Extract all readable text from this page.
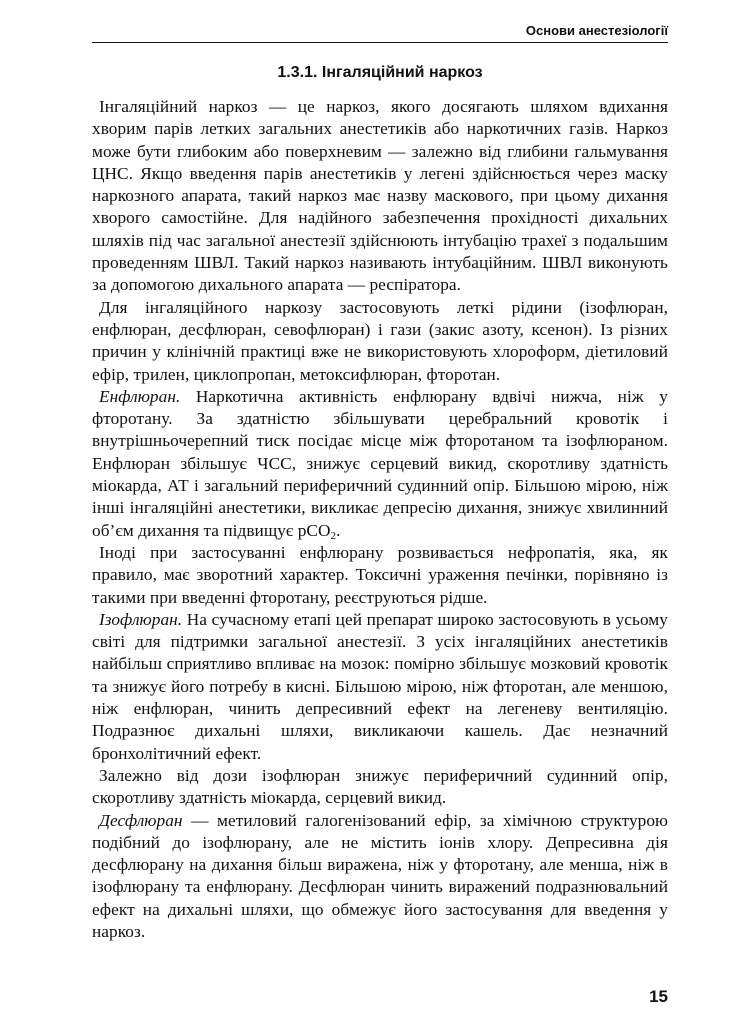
Основи анестезіології
1.3.1. Інгаляційний наркоз

Інгаляційний наркоз — це наркоз, якого досягають шляхом вдихання хворим парів летких загальних анестетиків або наркотичних газів. Наркоз може бути глибоким або поверхневим — залежно від глибини гальмування ЦНС. Якщо введення парів анестетиків у легені здійснюється через маску наркозного апарата, такий наркоз має назву маскового, при цьому дихання хворого самостійне. Для надійного забезпечення прохідності дихальних шляхів під час загальної анестезії здійснюють інтубацію трахеї з подальшим проведенням ШВЛ. Такий наркоз називають інтубаційним. ШВЛ виконують за допомогою дихального апарата — респіратора.

Для інгаляційного наркозу застосовують леткі рідини (ізофлюран, енфлюран, десфлюран, севофлюран) і гази (закис азоту, ксенон). Із різних причин у клінічній практиці вже не використовують хлороформ, діетиловий ефір, трилен, циклопропан, метоксифлюран, фторотан.

Енфлюран. Наркотична активність енфлюрану вдвічі нижча, ніж у фторотану. За здатністю збільшувати церебральний кровотік і внутрішньочерепний тиск посідає місце між фторотаном та ізофлюраном. Енфлюран збільшує ЧСС, знижує серцевий викид, скоротливу здатність міокарда, АТ і загальний периферичний судинний опір. Більшою мірою, ніж інші інгаляційні анестетики, викликає депресію дихання, знижує хвилинний об’єм дихання та підвищує pCO$_2$.

Іноді при застосуванні енфлюрану розвивається нефропатія, яка, як правило, має зворотний характер. Токсичні ураження печінки, порівняно із такими при введенні фторотану, реєструються рідше.

Ізофлюран. На сучасному етапі цей препарат широко застосовують в усьому світі для підтримки загальної анестезії. З усіх інгаляційних анестетиків найбільш сприятливо впливає на мозок: помірно збільшує мозковий кровотік та знижує його потребу в кисні. Більшою мірою, ніж фторотан, але меншою, ніж енфлюран, чинить депресивний ефект на легеневу вентиляцію. Подразнює дихальні шляхи, викликаючи кашель. Дає незначний бронхолітичний ефект.

Залежно від дози ізофлюран знижує периферичний судинний опір, скоротливу здатність міокарда, серцевий викид.

Десфлюран — метиловий галогенізований ефір, за хімічною структурою подібний до ізофлюрану, але не містить іонів хлору. Депресивна дія десфлюрану на дихання більш виражена, ніж у фторотану, але менша, ніж в ізофлюрану та енфлюрану. Десфлюран чинить виражений подразнювальний ефект на дихальні шляхи, що обмежує його застосування для введення у наркоз.

15
